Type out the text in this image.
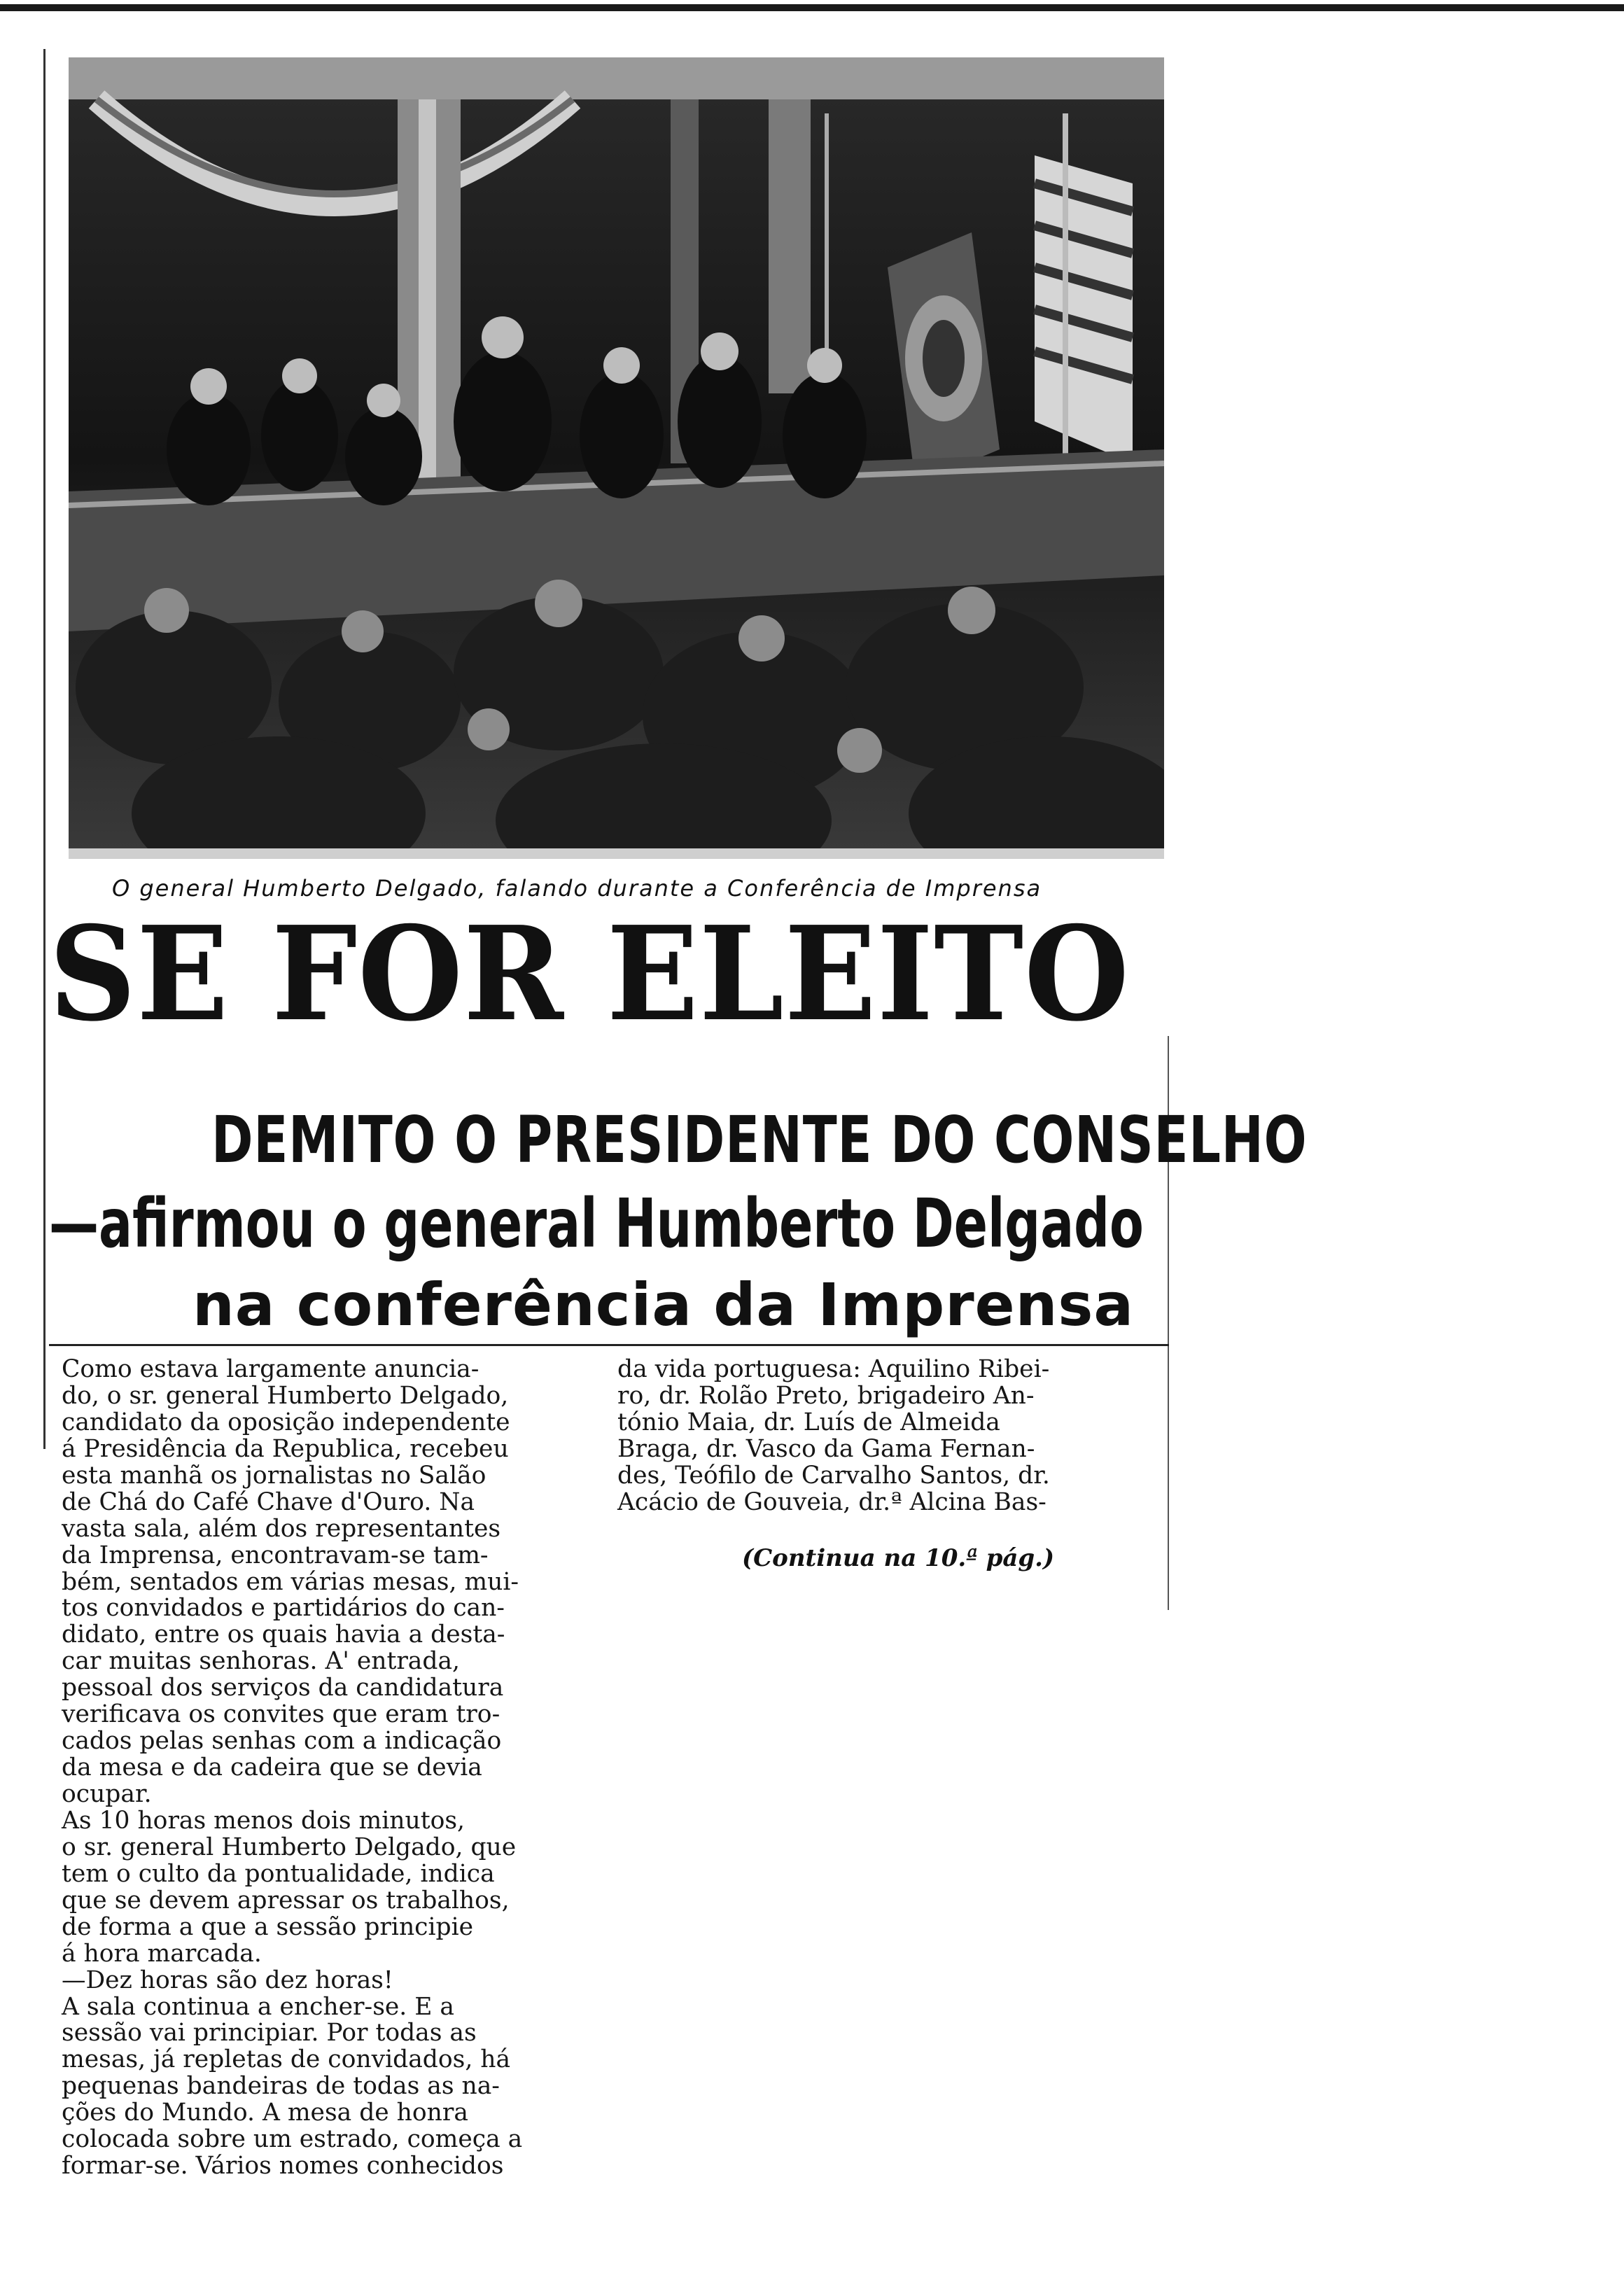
O general Humberto Delgado, falando durante a Conferência de Imprensa
SE FOR ELEITO
DEMITO O PRESIDENTE DO CONSELHO
—afirmou o general Humberto Delgado
na conferência da Imprensa

Como estava largamente anuncia-

do, o sr. general Humberto Delgado,

candidato da oposição independente

á Presidência da Republica, recebeu

esta manhã os jornalistas no Salão

de Chá do Café Chave d'Ouro. Na

vasta sala, além dos representantes

da Imprensa, encontravam-se tam-

bém, sentados em várias mesas, mui-

tos convidados e partidários do can-

didato, entre os quais havia a desta-

car muitas senhoras. A' entrada,

pessoal dos serviços da candidatura

verificava os convites que eram tro-

cados pelas senhas com a indicação

da mesa e da cadeira que se devia

ocupar.

As 10 horas menos dois minutos,

o sr. general Humberto Delgado, que

tem o culto da pontualidade, indica

que se devem apressar os trabalhos,

de forma a que a sessão principie

á hora marcada.

—Dez horas são dez horas!

A sala continua a encher-se. E a

sessão vai principiar. Por todas as

mesas, já repletas de convidados, há

pequenas bandeiras de todas as na-

ções do Mundo. A mesa de honra

colocada sobre um estrado, começa a

formar-se. Vários nomes conhecidos

da vida portuguesa: Aquilino Ribei-

ro, dr. Rolão Preto, brigadeiro An-

tónio Maia, dr. Luís de Almeida

Braga, dr. Vasco da Gama Fernan-

des, Teófilo de Carvalho Santos, dr.

Acácio de Gouveia, dr.ª Alcina Bas-

(Continua na 10.ª pág.)
